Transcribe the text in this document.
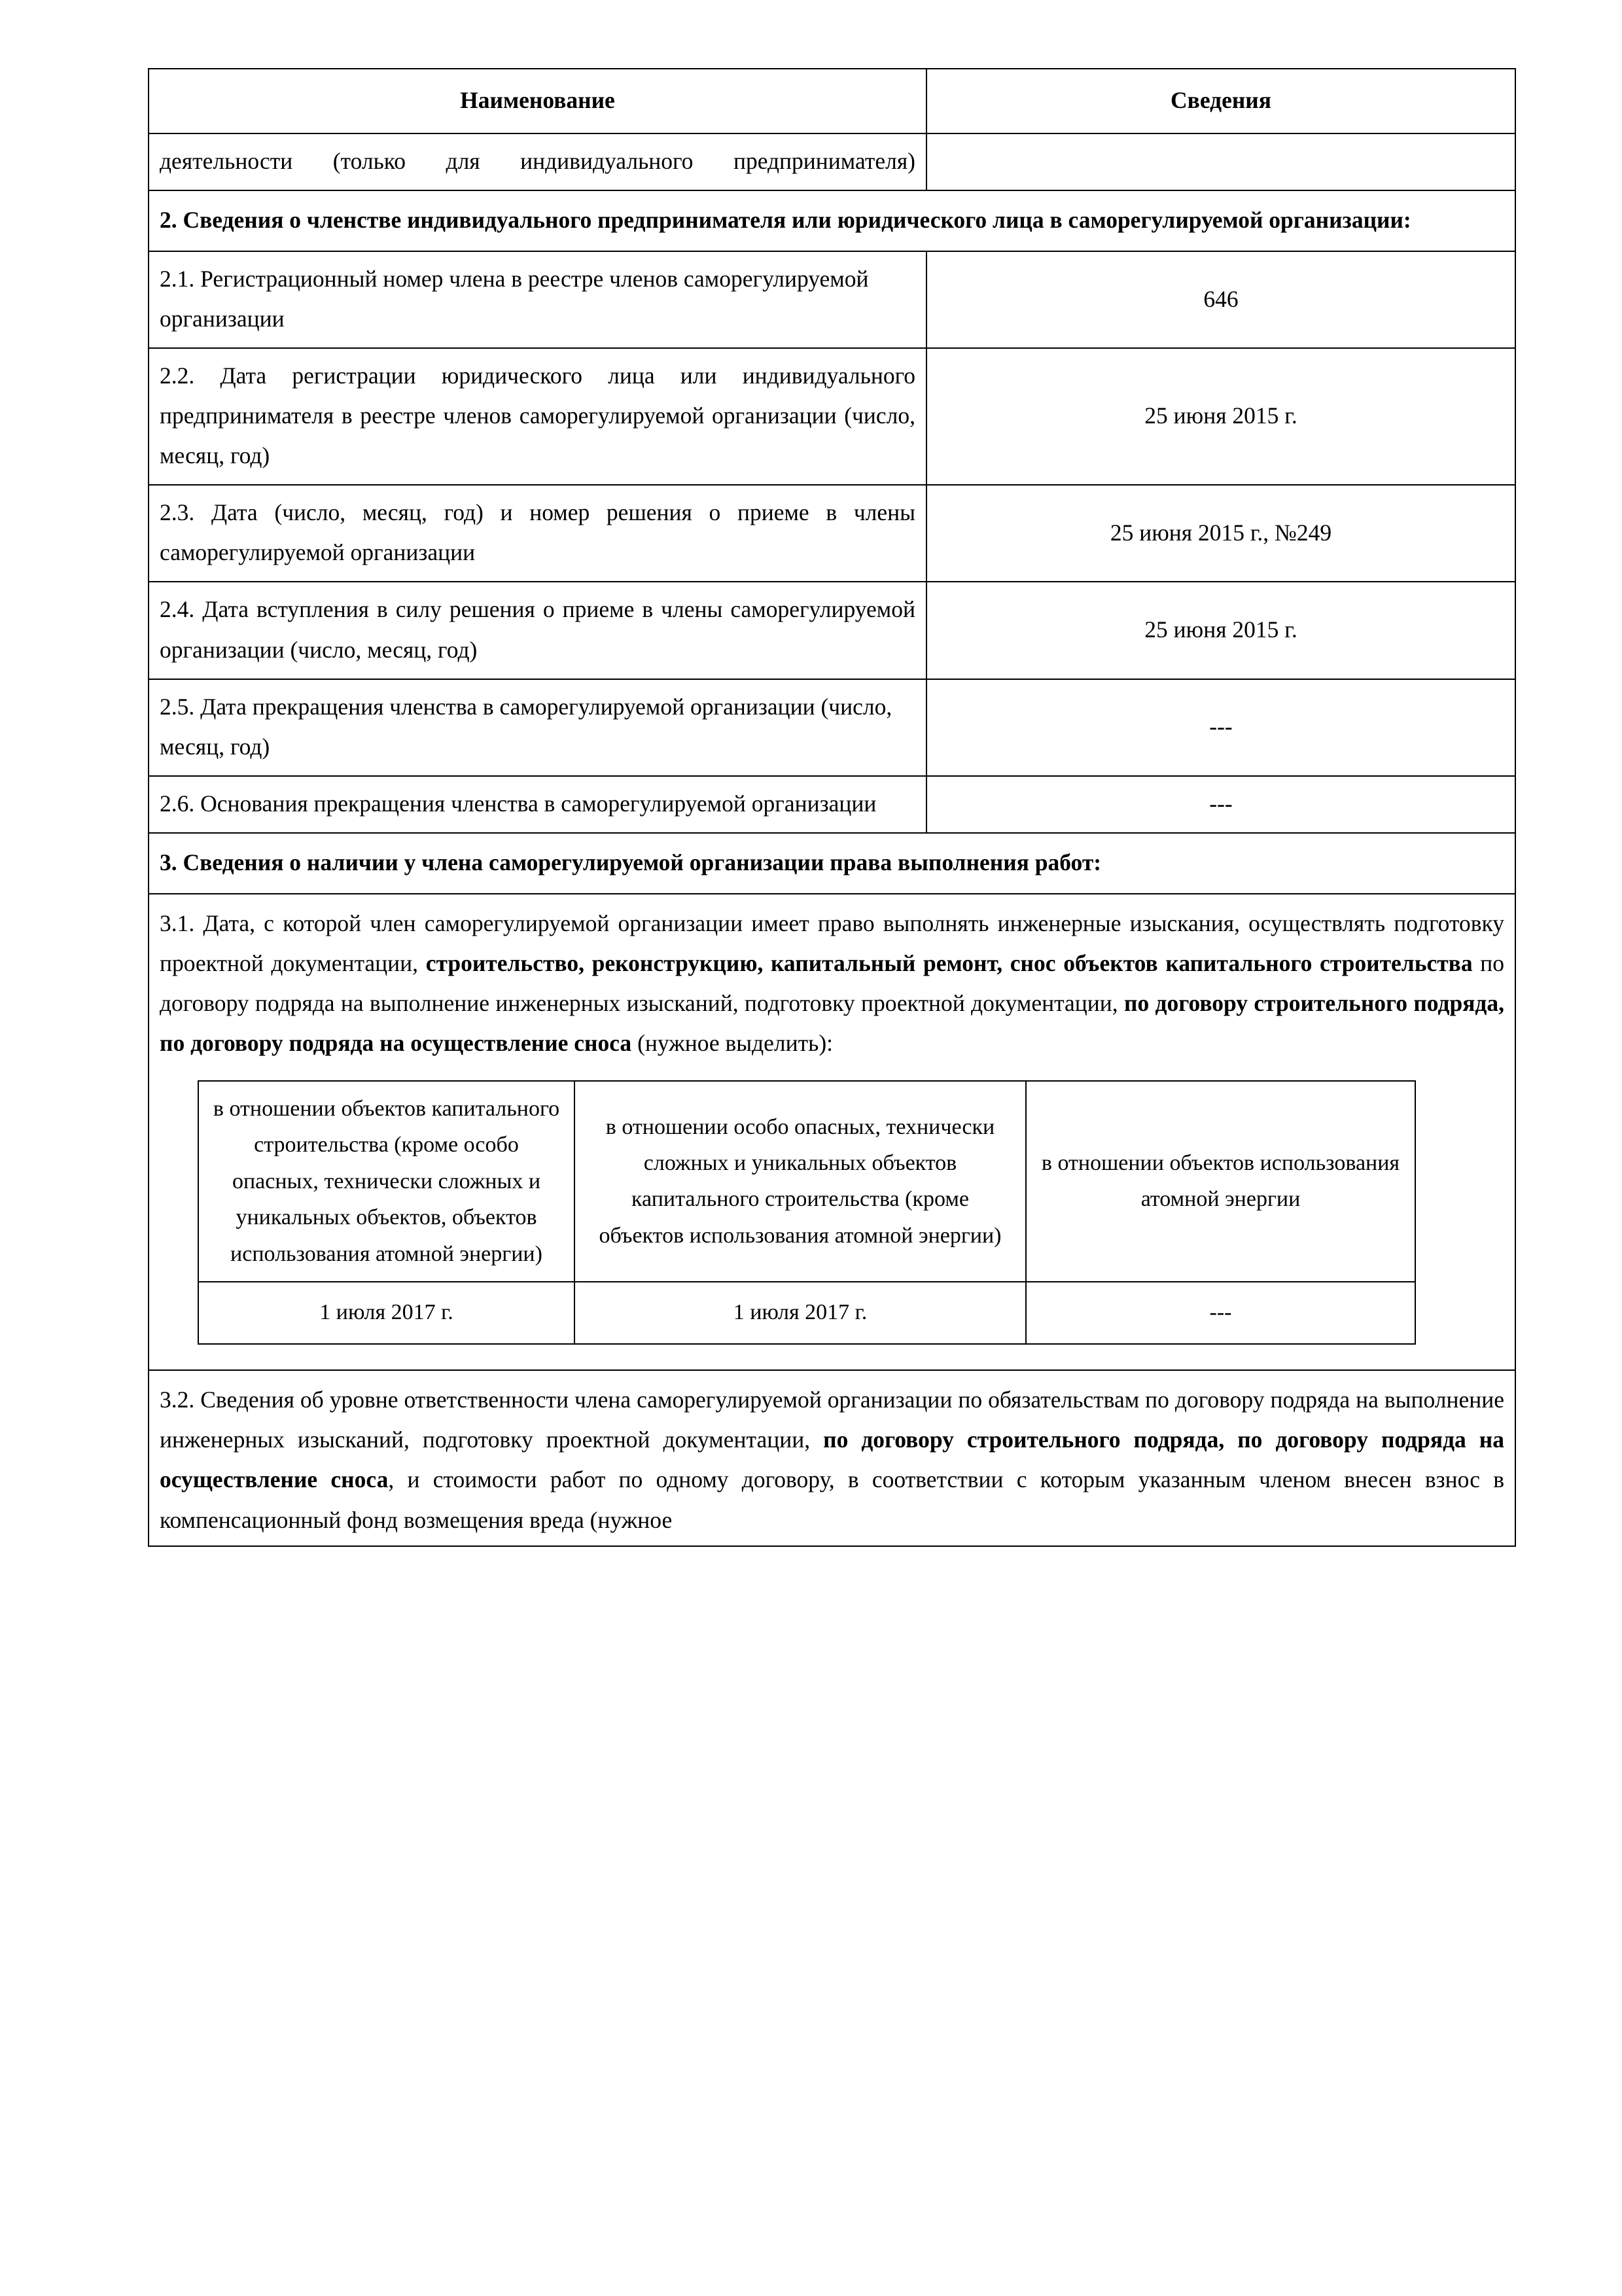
Наименование	Сведения
деятельности (только для индивидуального предпринимателя)	
2. Сведения о членстве индивидуального предпринимателя или юридического лица в саморегулируемой организации:
2.1. Регистрационный номер члена в реестре членов саморегулируемой организации	646
2.2. Дата регистрации юридического лица или индивидуального предпринимателя в реестре членов саморегулируемой организации (число, месяц, год)	25 июня 2015 г.
2.3. Дата (число, месяц, год) и номер решения о приеме в члены саморегулируемой организации	25 июня 2015 г., №249
2.4. Дата вступления в силу решения о приеме в члены саморегулируемой организации (число, месяц, год)	25 июня 2015 г.
2.5. Дата прекращения членства в саморегулируемой организации (число, месяц, год)	---
2.6. Основания прекращения членства в саморегулируемой организации	---
3. Сведения о наличии у члена саморегулируемой организации права выполнения работ:

3.1. Дата, с которой член саморегулируемой организации имеет право выполнять инженерные изыскания, осуществлять подготовку проектной документации, строительство, реконструкцию, капитальный ремонт, снос объектов капитального строительства по договору подряда на выполнение инженерных изысканий, подготовку проектной документации, по договору строительного подряда, по договору подряда на осуществление сноса (нужное выделить):

в отношении объектов капитального строительства (кроме особо опасных, технически сложных и уникальных объектов, объектов использования атомной энергии)	в отношении особо опасных, технически сложных и уникальных объектов капитального строительства (кроме объектов использования атомной энергии)	в отношении объектов использования атомной энергии
1 июля 2017 г.	1 июля 2017 г.	---

3.2. Сведения об уровне ответственности члена саморегулируемой организации по обязательствам по договору подряда на выполнение инженерных изысканий, подготовку проектной документации, по договору строительного подряда, по договору подряда на осуществление сноса, и стоимости работ по одному договору, в соответствии с которым указанным членом внесен взнос в компенсационный фонд возмещения вреда (нужное
